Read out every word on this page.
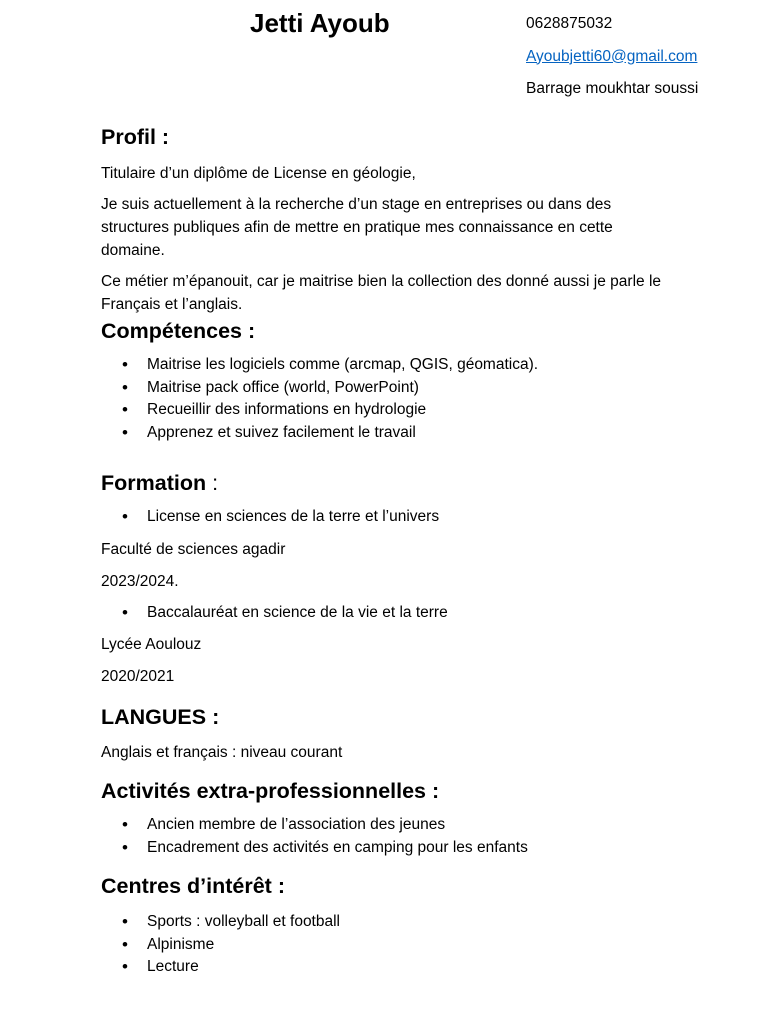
Jetti Ayoub	0628875032
Ayoubjetti60@gmail.com
Barrage moukhtar soussi
Profil :

Titulaire d’un diplôme de License en géologie,

Je suis actuellement à la recherche d’un stage en entreprises ou dans des structures publiques afin de mettre en pratique mes connaissance en cette domaine.

Ce métier m’épanouit, car je maitrise bien la collection des donné aussi je parle le Français et l’anglais.

Compétences :
• Maitrise les logiciels comme (arcmap, QGIS, géomatica).
• Maitrise pack office (world, PowerPoint)
• Recueillir des informations en hydrologie
• Apprenez et suivez facilement le travail
Formation :
• License en sciences de la terre et l’univers

Faculté de sciences agadir

2023/2024.

• Baccalauréat en science de la vie et la terre

Lycée Aoulouz

2020/2021

LANGUES :

Anglais et français : niveau courant

Activités extra-professionnelles :
• Ancien membre de l’association des jeunes
• Encadrement des activités en camping pour les enfants
Centres d’intérêt :
• Sports : volleyball et football
• Alpinisme
• Lecture
